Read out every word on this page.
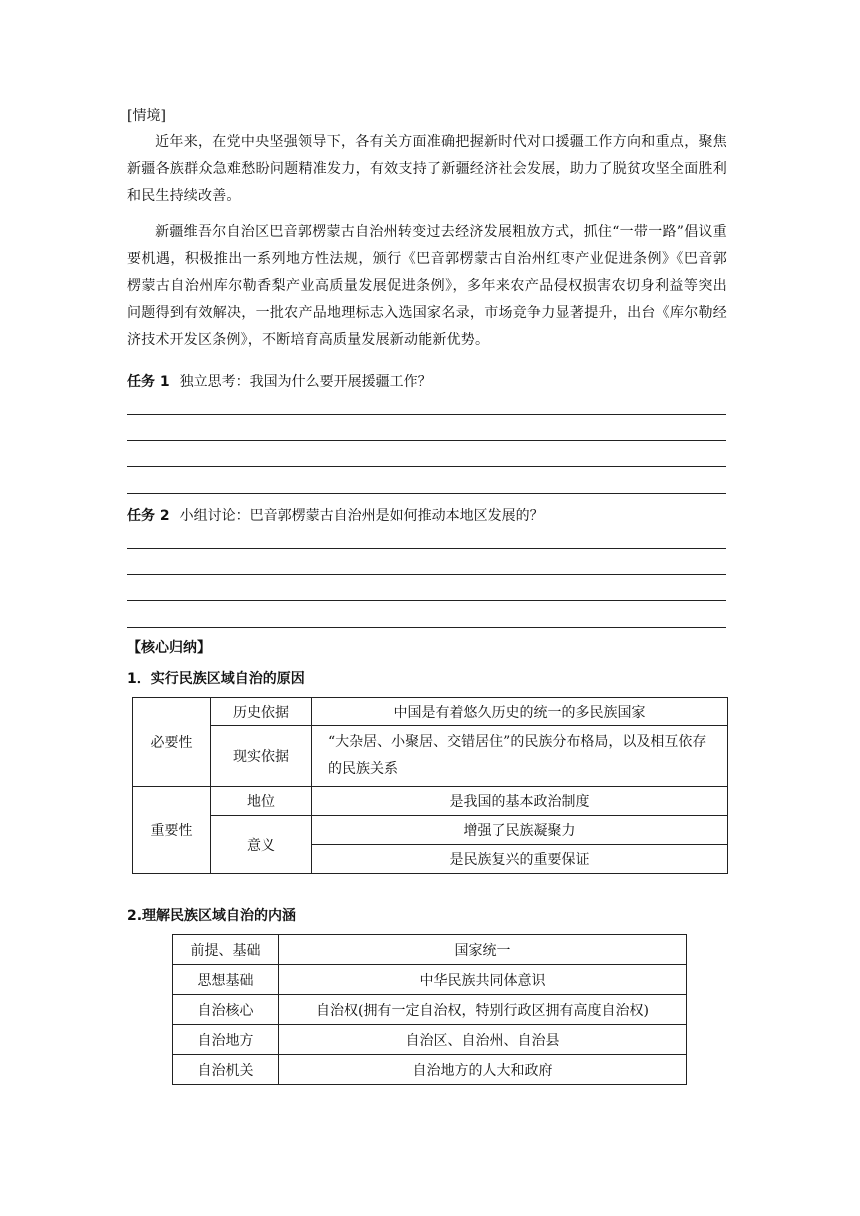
[情境]
近年来，在党中央坚强领导下，各有关方面准确把握新时代对口援疆工作方向和重点，聚焦新疆各族群众急难愁盼问题精准发力，有效支持了新疆经济社会发展，助力了脱贫攻坚全面胜利和民生持续改善。
新疆维吾尔自治区巴音郭楞蒙古自治州转变过去经济发展粗放方式，抓住“一带一路”倡议重要机遇，积极推出一系列地方性法规，颁行《巴音郭楞蒙古自治州红枣产业促进条例》《巴音郭楞蒙古自治州库尔勒香梨产业高质量发展促进条例》，多年来农产品侵权损害农切身利益等突出问题得到有效解决，一批农产品地理标志入选国家名录，市场竞争力显著提升，出台《库尔勒经济技术开发区条例》，不断培育高质量发展新动能新优势。
任务 1 独立思考：我国为什么要开展援疆工作？
任务 2 小组讨论：巴音郭楞蒙古自治州是如何推动本地区发展的？
【核心归纳】
1．实行民族区域自治的原因
必要性	历史依据	中国是有着悠久历史的统一的多民族国家
	现实依据	“大杂居、小聚居、交错居住”的民族分布格局，以及相互依存的民族关系
重要性	地位	是我国的基本政治制度
	意义	增强了民族凝聚力
		是民族复兴的重要保证
2.理解民族区域自治的内涵
前提、基础	国家统一
思想基础	中华民族共同体意识
自治核心	自治权(拥有一定自治权，特别行政区拥有高度自治权)
自治地方	自治区、自治州、自治县
自治机关	自治地方的人大和政府
